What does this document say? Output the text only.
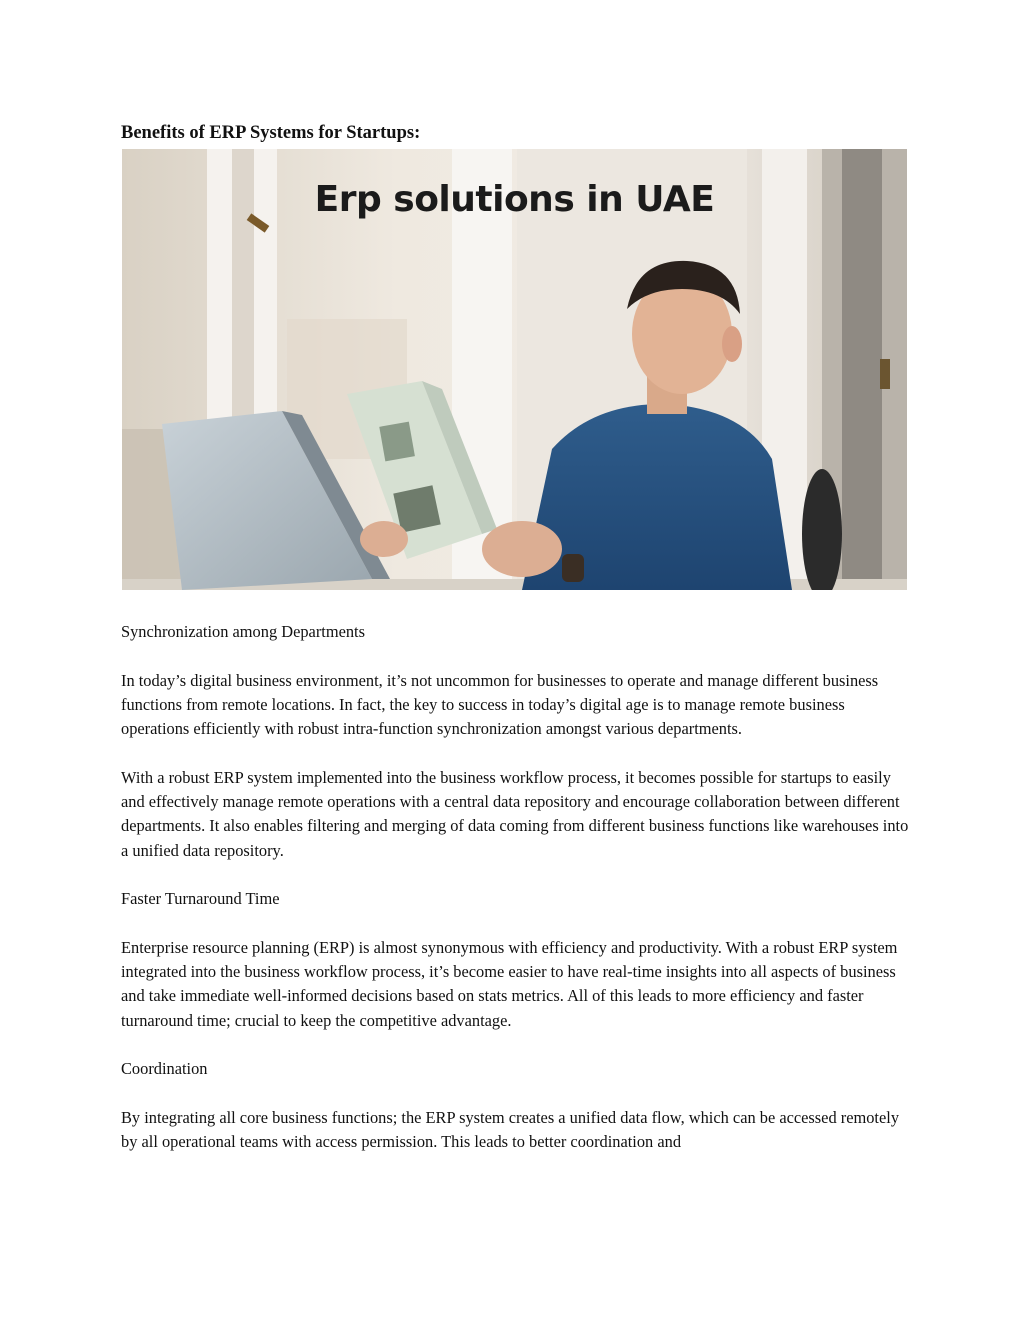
Benefits of ERP Systems for Startups:
Erp solutions in UAE

Synchronization among Departments

In today’s digital business environment, it’s not uncommon for businesses to operate and manage different business functions from remote locations. In fact, the key to success in today’s digital age is to manage remote business operations efficiently with robust intra-function synchronization amongst various departments.

With a robust ERP system implemented into the business workflow process, it becomes possible for startups to easily and effectively manage remote operations with a central data repository and encourage collaboration between different departments. It also enables filtering and merging of data coming from different business functions like warehouses into a unified data repository.

Faster Turnaround Time

Enterprise resource planning (ERP) is almost synonymous with efficiency and productivity. With a robust ERP system integrated into the business workflow process, it’s become easier to have real-time insights into all aspects of business and take immediate well-informed decisions based on stats metrics. All of this leads to more efficiency and faster turnaround time; crucial to keep the competitive advantage.

Coordination

By integrating all core business functions; the ERP system creates a unified data flow, which can be accessed remotely by all operational teams with access permission. This leads to better coordination and
